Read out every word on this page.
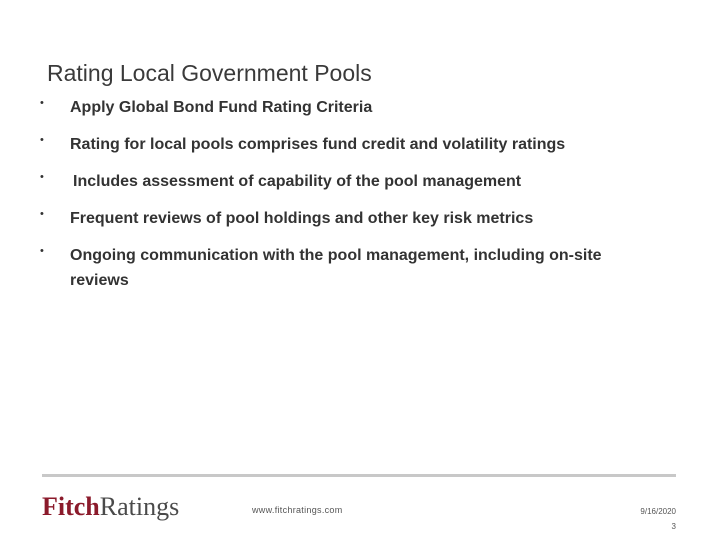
Rating Local Government Pools
• Apply Global Bond Fund Rating Criteria
• Rating for local pools comprises fund credit and volatility ratings
• Includes assessment of capability of the pool management
• Frequent reviews of pool holdings and other key risk metrics
• Ongoing communication with the pool management, including on-site reviews
FitchRatings	www.fitchratings.com	9/16/2020
3
